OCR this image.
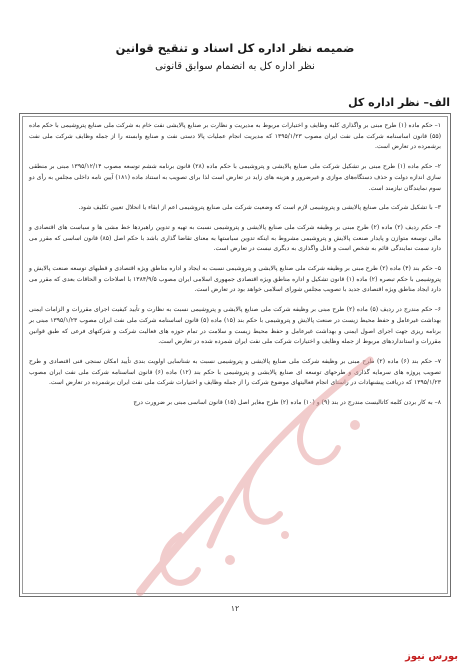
ضمیمه نظر اداره کل اسناد و تنقیح قوانین
نظر اداره کل به انضمام سوابق قانونی
الف– نظر اداره کل

۱– حکم ماده (۱) طرح مبنی بر واگذاری کلیه وظایف و اختیارات مربوط به مدیریت و نظارت بر صنایع پالایشی نفت خام به شرکت ملی صنایع پتروشیمی با حکم ماده (۵۵) قانون اساسنامه شرکت ملی نفت ایران مصوب ۱۳۹۵/۱/۲۳ که مدیریت انجام عملیات پالا دستی نفت و صنایع وابسته را از جمله وظایف شرکت ملی نفت برشمرده در تعارض است.

۲– حکم ماده (۱) طرح مبنی بر تشکیل شرکت ملی صنایع پالایشی و پتروشیمی با حکم ماده (۲۸) قانون برنامه ششم توسعه مصوب ۱۳۹۵/۱۲/۱۴ مبنی بر منطقی سازی اندازه دولت و حذف دستگاه‌های موازی و غیرضرور و هزینه های زاید در تعارض است لذا برای تصویب به استناد ماده (۱۸۱) آیین نامه داخلی مجلس به رأی دو سوم نمایندگان نیازمند است.

۳– با تشکیل شرکت ملی صنایع پالایشی و پتروشیمی لازم است که وضعیت شرکت ملی صنایع پتروشیمی اعم از ابقاء یا انحلال تعیین تکلیف شود.

۴– حکم ردیف (۲) ماده (۲) طرح مبنی بر وظیفه شرکت ملی صنایع پالایشی و پتروشیمی نسبت به تهیه و تدوین راهبردها خط مشی ها و سیاست های اقتصادی و مالی توسعه متوازن و پایدار صنعت پالایش و پتروشیمی مشروط به اینکه تدوین سیاستها به معنای تقاضا گذاری باشد با حکم اصل (۸۵) قانون اساسی که مقرر می دارد سمت نمایندگی قائم به شخص است و قابل واگذاری به دیگری نیست در تعارض است.

۵– حکم بند (۴) ماده (۲) طرح مبنی بر وظیفه شرکت ملی صنایع پالایشی و پتروشیمی نسبت به ایجاد و اداره مناطق ویژه اقتصادی و قطبهای توسعه صنعت پالایش و پتروشیمی با حکم تبصره (۲) ماده (۱) قانون تشکیل و اداره مناطق ویژه اقتصادی جمهوری اسلامی ایران مصوب ۱۳۸۴/۹/۵ با اصلاحات و الحاقات بعدی که مقرر می دارد ایجاد مناطق ویژه اقتصادی جدید با تصویب مجلس شورای اسلامی خواهد بود در تعارض است.

۶– حکم مندرج در ردیف (۵) ماده (۲) طرح مبنی بر وظیفه شرکت ملی صنایع پالایشی و پتروشیمی نسبت به نظارت و تأیید کیفیت اجرای مقررات و الزامات ایمنی بهداشت غیرعامل و حفظ محیط زیست در صنعت پالایش و پتروشیمی با حکم بند (۱۵) ماده (۵) قانون اساسنامه شرکت ملی نفت ایران مصوب ۱۳۹۵/۱/۲۳ مبنی بر برنامه ریزی جهت اجرای اصول ایمنی و بهداشت غیرعامل و حفظ محیط زیست و سلامت در تمام حوزه های فعالیت شرکت و شرکتهای فرعی که طبق قوانین مقررات و استانداردهای مربوط از جمله وظایف و اختیارات شرکت ملی نفت ایران شمرده شده در تعارض است.

۷– حکم بند (۶) ماده (۲) طرح مبنی بر وظیفه شرکت ملی صنایع پالایشی و پتروشیمی نسبت به شناسایی اولویت بندی تأیید امکان سنجی فنی اقتصادی و طرح تصویب پروژه های سرمایه گذاری و طرحهای توسعه ای صنایع پالایشی و پتروشیمی با حکم بند (۱۲) ماده (۶) قانون اساسنامه شرکت ملی نفت ایران مصوب ۱۳۹۵/۱/۲۳ که دریافت پیشنهادات در راستای انجام فعالیتهای موضوع شرکت را از جمله وظایف و اختیارات شرکت ملی نفت ایران برشمرده در تعارض است.

۸– به کار بردن کلمه کاتالیست مندرج در بند (۹) و (۱۰) ماده (۲) طرح مغایر اصل (۱۵) قانون اساسی مبنی بر ضرورت درج

۱۲
بورس نیوز
